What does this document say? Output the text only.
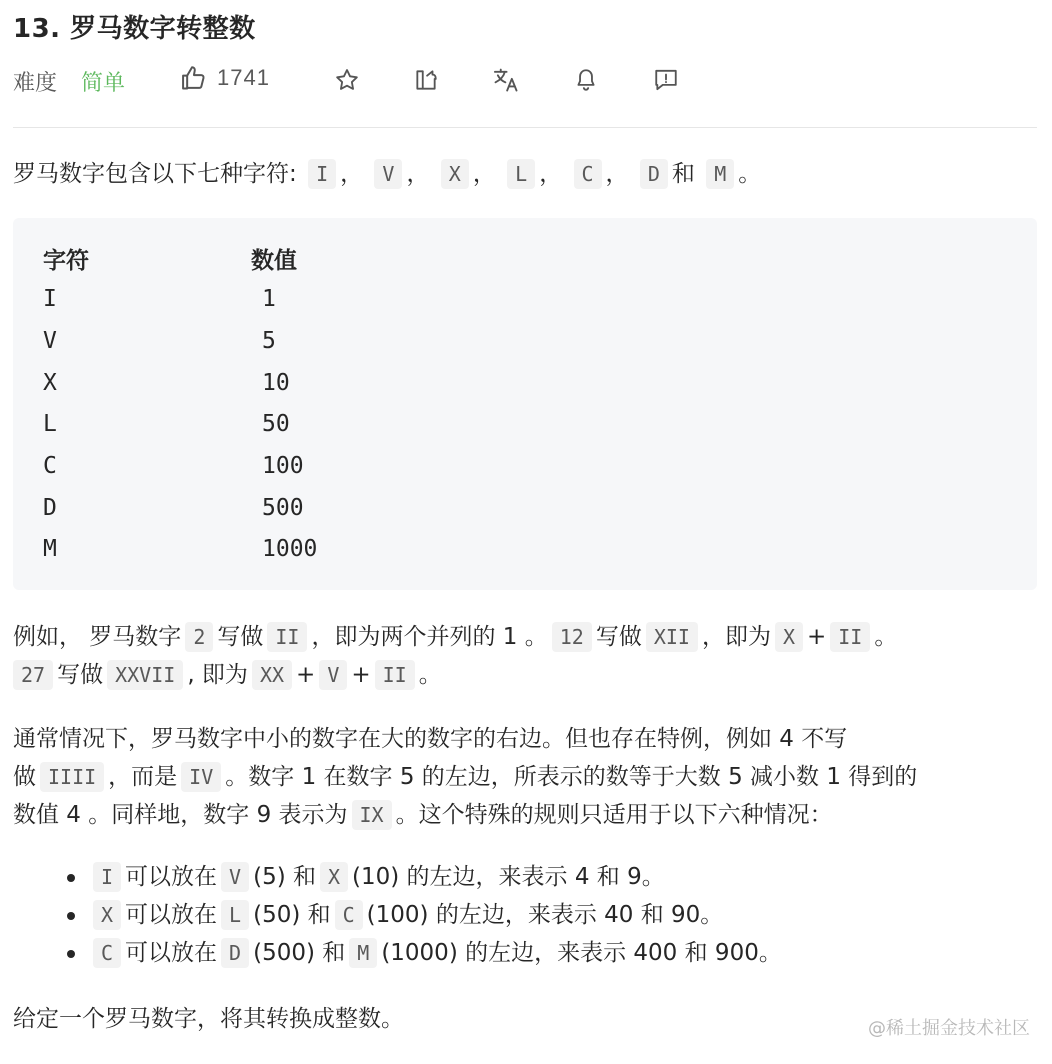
13. 罗马数字转整数
难度 简单	1741
罗马数字包含以下七种字符: I ， V ， X ， L ， C ， D 和 M 。
字符	数值
I	1
V	5
X	10
L	50
C	100
D	500
M	1000
例如， 罗马数字 2 写做 II ，即为两个并列的 1 。 12 写做 XII ，即为 X + II 。
27 写做 XXVII , 即为 XX + V + II 。
通常情况下，罗马数字中小的数字在大的数字的右边。但也存在特例，例如 4 不写
做 IIII ，而是 IV 。数字 1 在数字 5 的左边，所表示的数等于大数 5 减小数 1 得到的
数值 4 。同样地，数字 9 表示为 IX 。这个特殊的规则只适用于以下六种情况：
I 可以放在 V (5) 和 X (10) 的左边，来表示 4 和 9。
X 可以放在 L (50) 和 C (100) 的左边，来表示 40 和 90。
C 可以放在 D (500) 和 M (1000) 的左边，来表示 400 和 900。
给定一个罗马数字，将其转换成整数。	@稀土掘金技术社区
